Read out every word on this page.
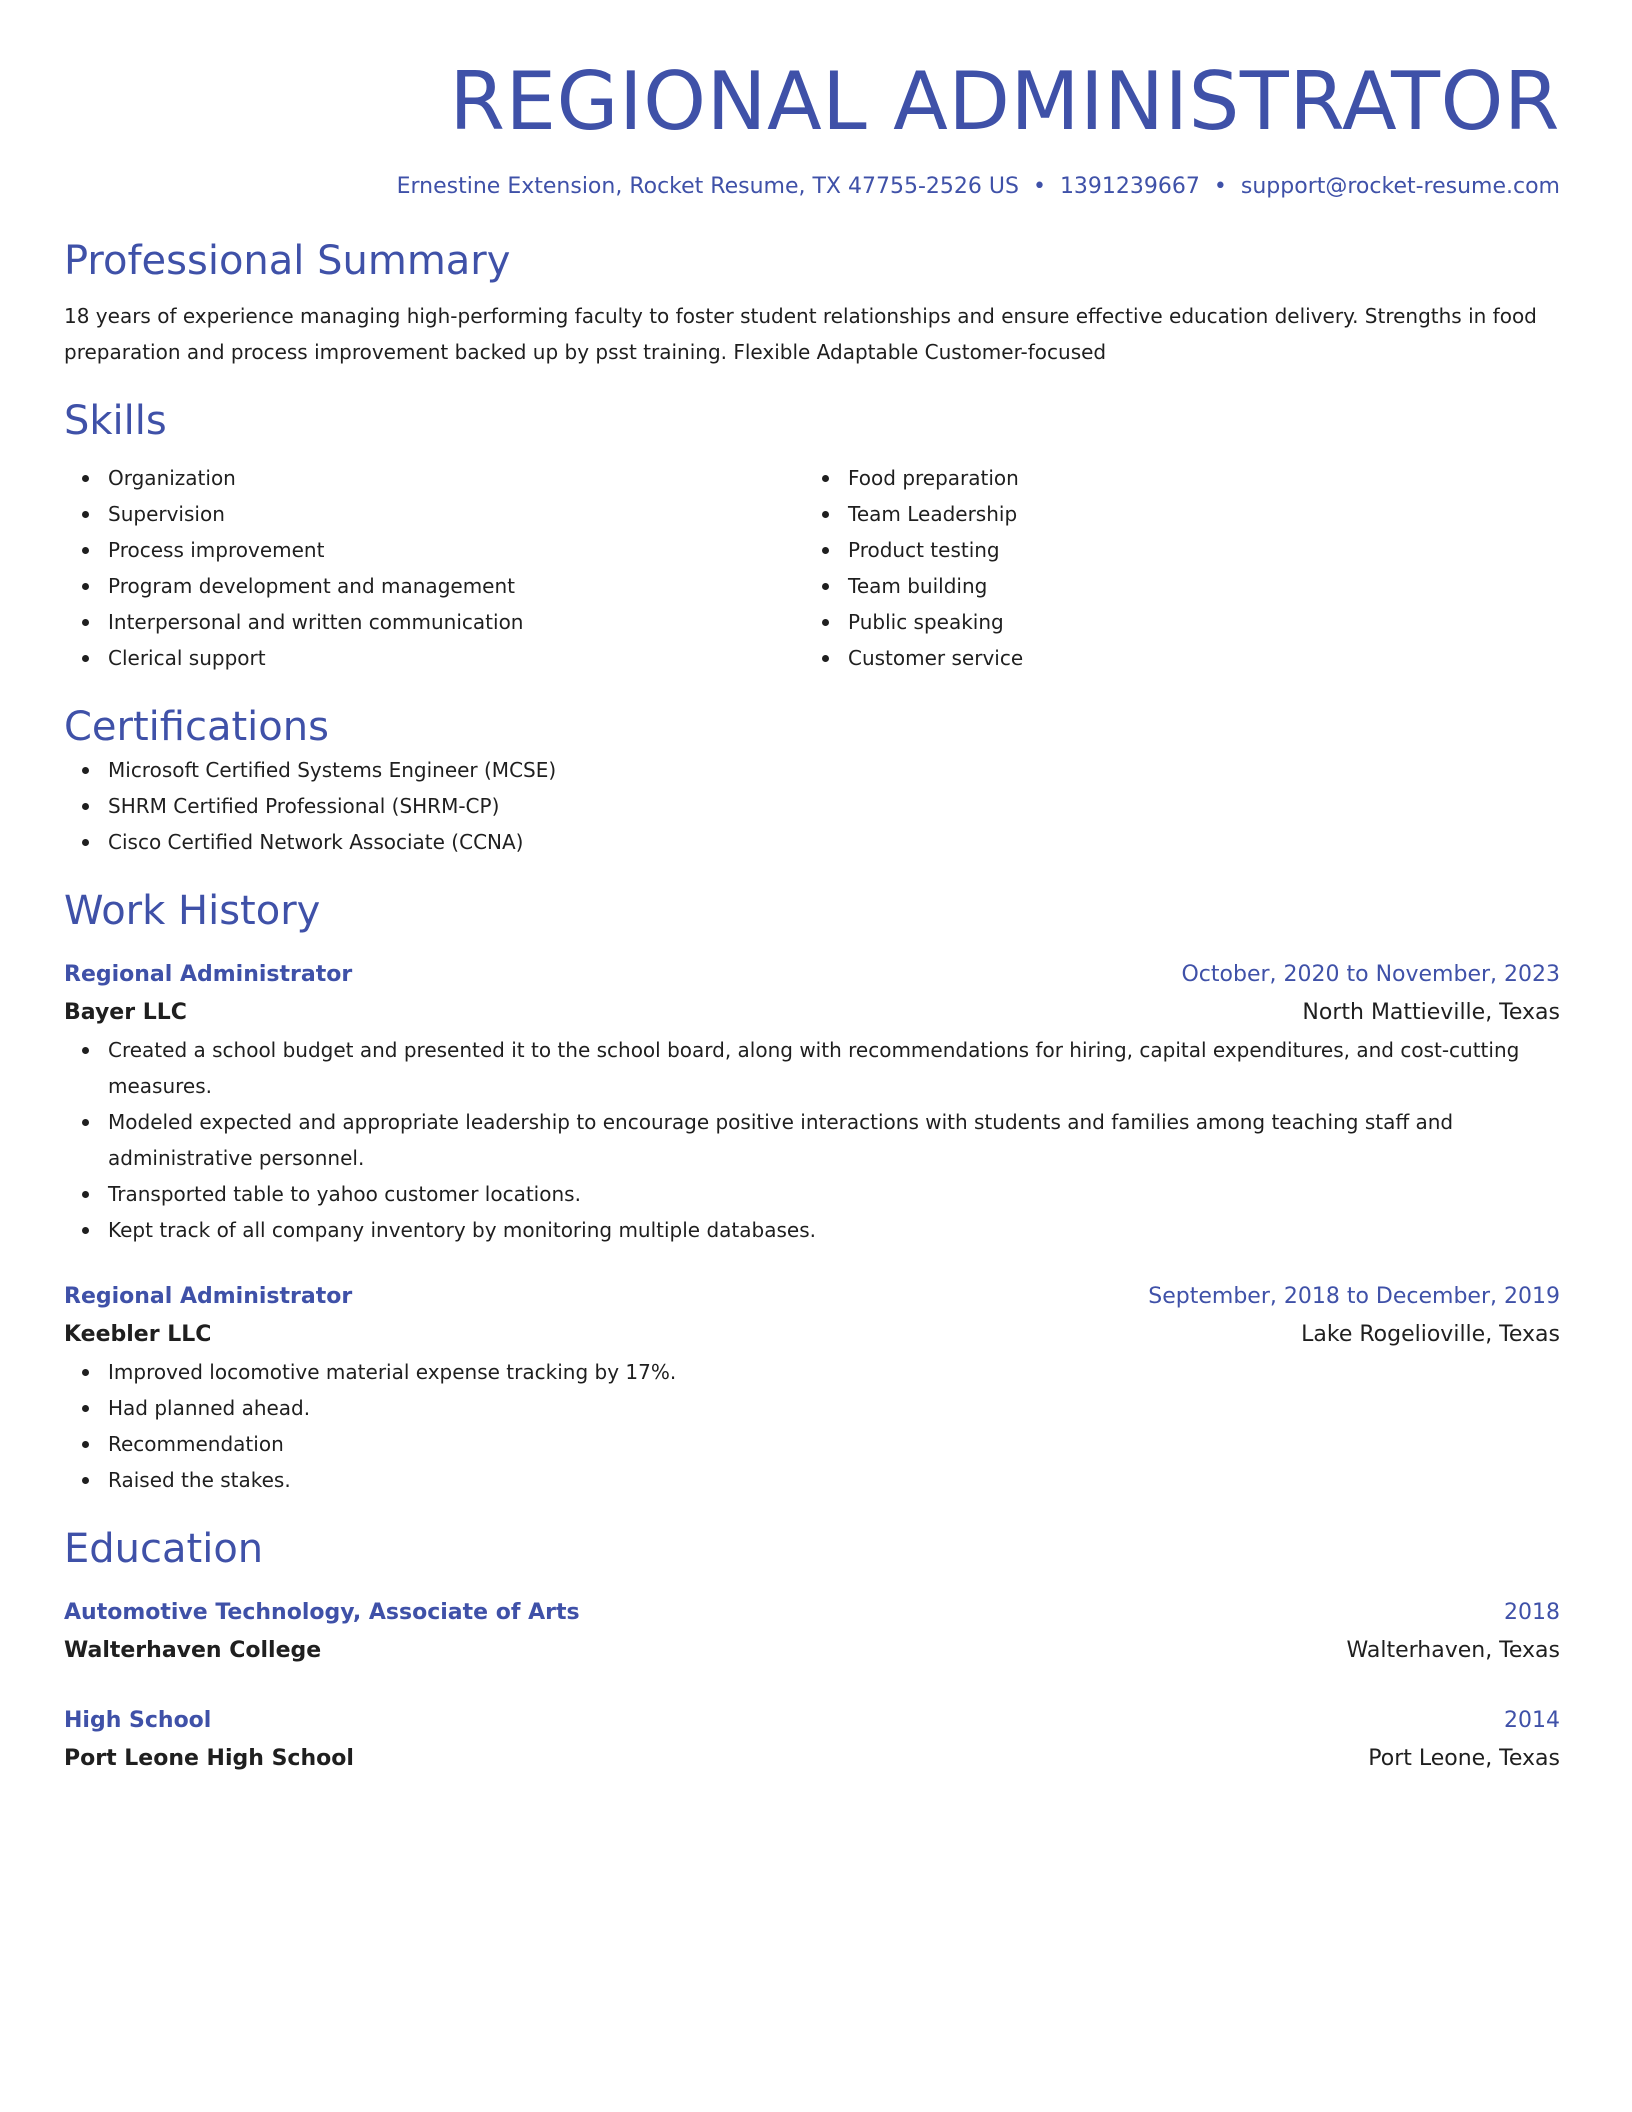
REGIONAL ADMINISTRATOR
Ernestine Extension, Rocket Resume, TX 47755-2526 US • 1391239667 • support@rocket-resume.com
Professional Summary
18 years of experience managing high-performing faculty to foster student relationships and ensure effective education delivery. Strengths in food preparation and process improvement backed up by psst training. Flexible Adaptable Customer-focused
Skills
Organization
Supervision
Process improvement
Program development and management
Interpersonal and written communication
Clerical support
Food preparation
Team Leadership
Product testing
Team building
Public speaking
Customer service
Certifications
Microsoft Certified Systems Engineer (MCSE)
SHRM Certified Professional (SHRM-CP)
Cisco Certified Network Associate (CCNA)
Work History
Regional Administrator	October, 2020 to November, 2023
Bayer LLC	North Mattieville, Texas
Created a school budget and presented it to the school board, along with recommendations for hiring, capital expenditures, and cost-cutting measures.
Modeled expected and appropriate leadership to encourage positive interactions with students and families among teaching staff and administrative personnel.
Transported table to yahoo customer locations.
Kept track of all company inventory by monitoring multiple databases.
Regional Administrator	September, 2018 to December, 2019
Keebler LLC	Lake Rogelioville, Texas
Improved locomotive material expense tracking by 17%.
Had planned ahead.
Recommendation
Raised the stakes.
Education
Automotive Technology, Associate of Arts	2018
Walterhaven College	Walterhaven, Texas
High School	2014
Port Leone High School	Port Leone, Texas
